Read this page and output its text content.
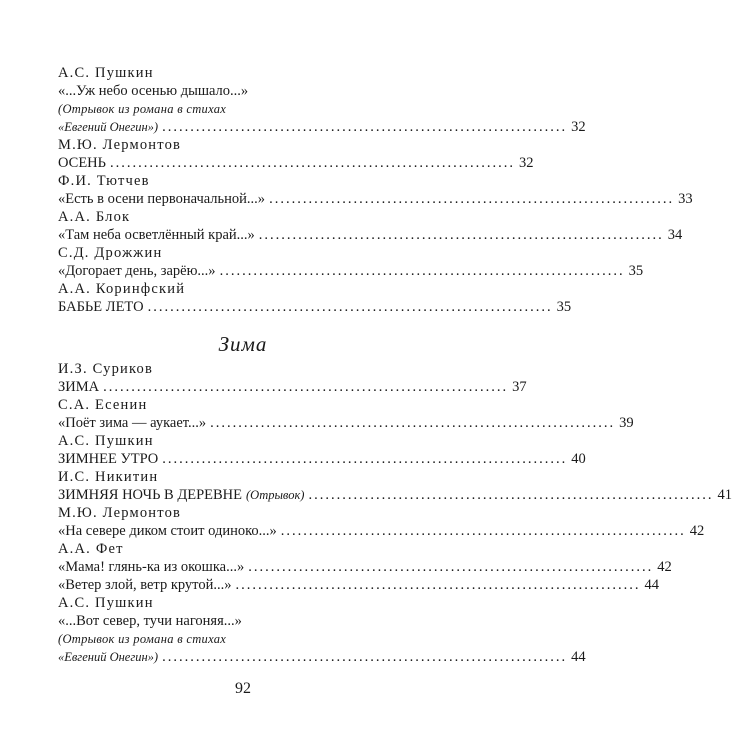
А.С. Пушкин
«...Уж небо осенью дышало...»
(Отрывок из романа в стихах
«Евгений Онегин») ........................................................................ 32
М.Ю. Лермонтов
ОСЕНЬ ........................................................................ 32
Ф.И. Тютчев
«Есть в осени первоначальной...» ........................................................................ 33
А.А. Блок
«Там неба осветлённый край...» ........................................................................ 34
С.Д. Дрожжин
«Догорает день, зарёю...» ........................................................................ 35
А.А. Коринфский
БАБЬЕ ЛЕТО ........................................................................ 35
Зима
И.З. Суриков
ЗИМА ........................................................................ 37
С.А. Есенин
«Поёт зима — аукает...» ........................................................................ 39
А.С. Пушкин
ЗИМНЕЕ УТРО ........................................................................ 40
И.С. Никитин
ЗИМНЯЯ НОЧЬ В ДЕРЕВНЕ (Отрывок) ........................................................................ 41
М.Ю. Лермонтов
«На севере диком стоит одиноко...» ........................................................................ 42
А.А. Фет
«Мама! глянь-ка из окошка...» ........................................................................ 42
«Ветер злой, ветр крутой...» ........................................................................ 44
А.С. Пушкин
«...Вот север, тучи нагоняя...»
(Отрывок из романа в стихах
«Евгений Онегин») ........................................................................ 44
92
